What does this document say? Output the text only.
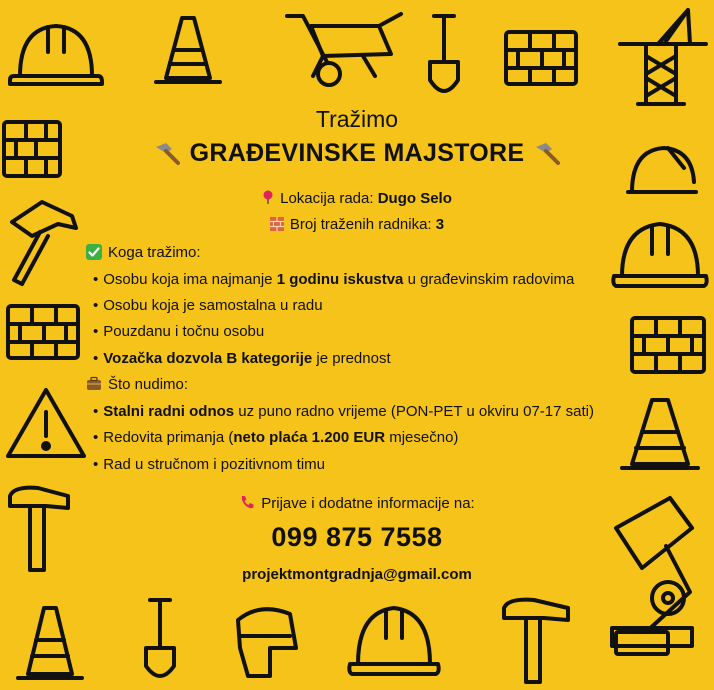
Tražimo
GRAĐEVINSKE MAJSTORE
Lokacija rada: Dugo Selo
Broj traženih radnika: 3
Koga tražimo:
• Osobu koja ima najmanje 1 godinu iskustva u građevinskim radovima
• Osobu koja je samostalna u radu
• Pouzdanu i točnu osobu
• Vozačka dozvola B kategorije je prednost
Što nudimo:
• Stalni radni odnos uz puno radno vrijeme (PON-PET u okviru 07-17 sati)
• Redovita primanja (neto plaća 1.200 EUR mjesečno)
• Rad u stručnom i pozitivnom timu
Prijave i dodatne informacije na:
099 875 7558
projektmontgradnja@gmail.com
